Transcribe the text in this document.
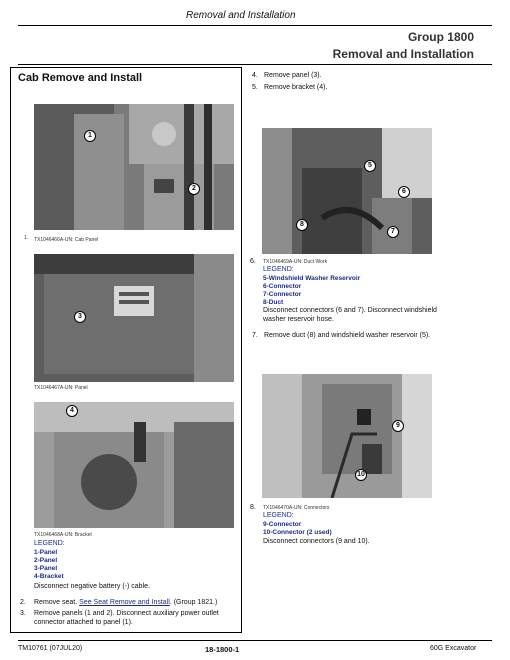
Removal and Installation
Group 1800
Removal and Installation
Cab Remove and Install
1
2
1. TX1046466A-UN: Cab Panel
3
TX1046467A-UN: Panel
4
TX1046468A-UN: Bracket
LEGEND:
1-Panel
2-Panel
3-Panel
4-Bracket
Disconnect negative battery (-) cable.
2. Remove seat. See Seat Remove and Install. (Group 1821.)
3. Remove panels (1 and 2). Disconnect auxiliary power outlet
connector attached to panel (1).
4. Remove panel (3).
5. Remove bracket (4).
5
6
8
7
6. TX1046469A-UN: Duct Work
LEGEND:
5-Windshield Washer Reservoir
6-Connector
7-Connector
8-Duct
Disconnect connectors (6 and 7). Disconnect windshield
washer reservoir hose.
7. Remove duct (8) and windshield washer reservoir (5).
9
10
8. TX1046470A-UN: Connectors
LEGEND:
9-Connector
10-Connector (2 used)
Disconnect connectors (9 and 10).
TM10761 (07JUL20)	18-1800-1	60G Excavator
